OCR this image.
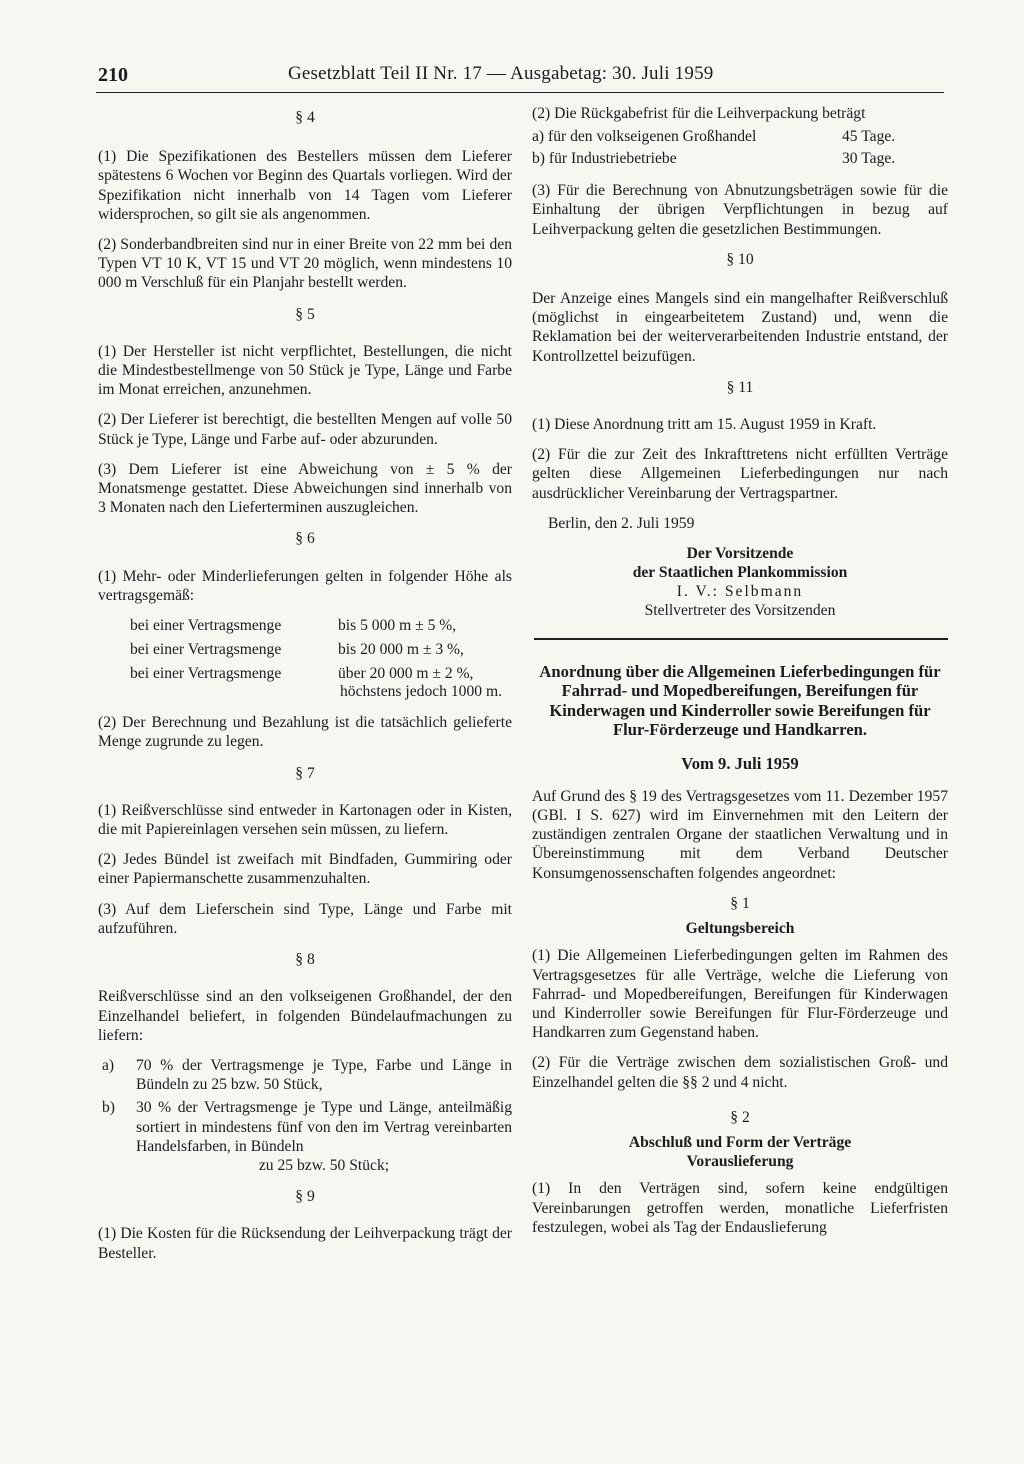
210	Gesetzblatt Teil II Nr. 17 — Ausgabetag: 30. Juli 1959
§ 4

(1) Die Spezifikationen des Bestellers müssen dem Lieferer spätestens 6 Wochen vor Beginn des Quartals vorliegen. Wird der Spezifikation nicht innerhalb von 14 Tagen vom Lieferer widersprochen, so gilt sie als angenommen.

(2) Sonderbandbreiten sind nur in einer Breite von 22 mm bei den Typen VT 10 K, VT 15 und VT 20 möglich, wenn mindestens 10 000 m Verschluß für ein Planjahr bestellt werden.

§ 5

(1) Der Hersteller ist nicht verpflichtet, Bestellungen, die nicht die Mindestbestellmenge von 50 Stück je Type, Länge und Farbe im Monat erreichen, anzunehmen.

(2) Der Lieferer ist berechtigt, die bestellten Mengen auf volle 50 Stück je Type, Länge und Farbe auf- oder abzurunden.

(3) Dem Lieferer ist eine Abweichung von ± 5 % der Monatsmenge gestattet. Diese Abweichungen sind innerhalb von 3 Monaten nach den Lieferterminen auszugleichen.

§ 6

(1) Mehr- oder Minderlieferungen gelten in folgender Höhe als vertragsgemäß:

bei einer Vertragsmenge	bis 5 000 m ± 5 %,
bei einer Vertragsmenge	bis 20 000 m ± 3 %,
bei einer Vertragsmenge	über 20 000 m ± 2 %,
höchstens jedoch 1000 m.

(2) Der Berechnung und Bezahlung ist die tatsächlich gelieferte Menge zugrunde zu legen.

§ 7

(1) Reißverschlüsse sind entweder in Kartonagen oder in Kisten, die mit Papiereinlagen versehen sein müssen, zu liefern.

(2) Jedes Bündel ist zweifach mit Bindfaden, Gummiring oder einer Papiermanschette zusammenzuhalten.

(3) Auf dem Lieferschein sind Type, Länge und Farbe mit aufzuführen.

§ 8

Reißverschlüsse sind an den volkseigenen Großhandel, der den Einzelhandel beliefert, in folgenden Bündelaufmachungen zu liefern:

a)	70 % der Vertragsmenge je Type, Farbe und Länge in Bündeln zu 25 bzw. 50 Stück,
b)	30 % der Vertragsmenge je Type und Länge, anteilmäßig sortiert in mindestens fünf von den im Vertrag vereinbarten Handelsfarben, in Bündeln
zu 25 bzw. 50 Stück;
§ 9

(1) Die Kosten für die Rücksendung der Leihverpackung trägt der Besteller.

(2) Die Rückgabefrist für die Leihverpackung beträgt

a) für den volkseigenen Großhandel	45 Tage.
b) für Industriebetriebe	30 Tage.

(3) Für die Berechnung von Abnutzungsbeträgen sowie für die Einhaltung der übrigen Verpflichtungen in bezug auf Leihverpackung gelten die gesetzlichen Bestimmungen.

§ 10

Der Anzeige eines Mangels sind ein mangelhafter Reißverschluß (möglichst in eingearbeitetem Zustand) und, wenn die Reklamation bei der weiterverarbeitenden Industrie entstand, der Kontrollzettel beizufügen.

§ 11

(1) Diese Anordnung tritt am 15. August 1959 in Kraft.

(2) Für die zur Zeit des Inkrafttretens nicht erfüllten Verträge gelten diese Allgemeinen Lieferbedingungen nur nach ausdrücklicher Vereinbarung der Vertragspartner.

Berlin, den 2. Juli 1959

Der Vorsitzende
der Staatlichen Plankommission
I. V.: Selbmann
Stellvertreter des Vorsitzenden
Anordnung über die Allgemeinen Lieferbedingungen für Fahrrad- und Mopedbereifungen, Bereifungen für Kinderwagen und Kinderroller sowie Bereifungen für Flur-Förderzeuge und Handkarren.
Vom 9. Juli 1959

Auf Grund des § 19 des Vertragsgesetzes vom 11. Dezember 1957 (GBl. I S. 627) wird im Einvernehmen mit den Leitern der zuständigen zentralen Organe der staatlichen Verwaltung und in Übereinstimmung mit dem Verband Deutscher Konsumgenossenschaften folgendes angeordnet:

§ 1
Geltungsbereich

(1) Die Allgemeinen Lieferbedingungen gelten im Rahmen des Vertragsgesetzes für alle Verträge, welche die Lieferung von Fahrrad- und Mopedbereifungen, Bereifungen für Kinderwagen und Kinderroller sowie Bereifungen für Flur-Förderzeuge und Handkarren zum Gegenstand haben.

(2) Für die Verträge zwischen dem sozialistischen Groß- und Einzelhandel gelten die §§ 2 und 4 nicht.

§ 2
Abschluß und Form der Verträge
Vorauslieferung

(1) In den Verträgen sind, sofern keine endgültigen Vereinbarungen getroffen werden, monatliche Lieferfristen festzulegen, wobei als Tag der Endauslieferung
